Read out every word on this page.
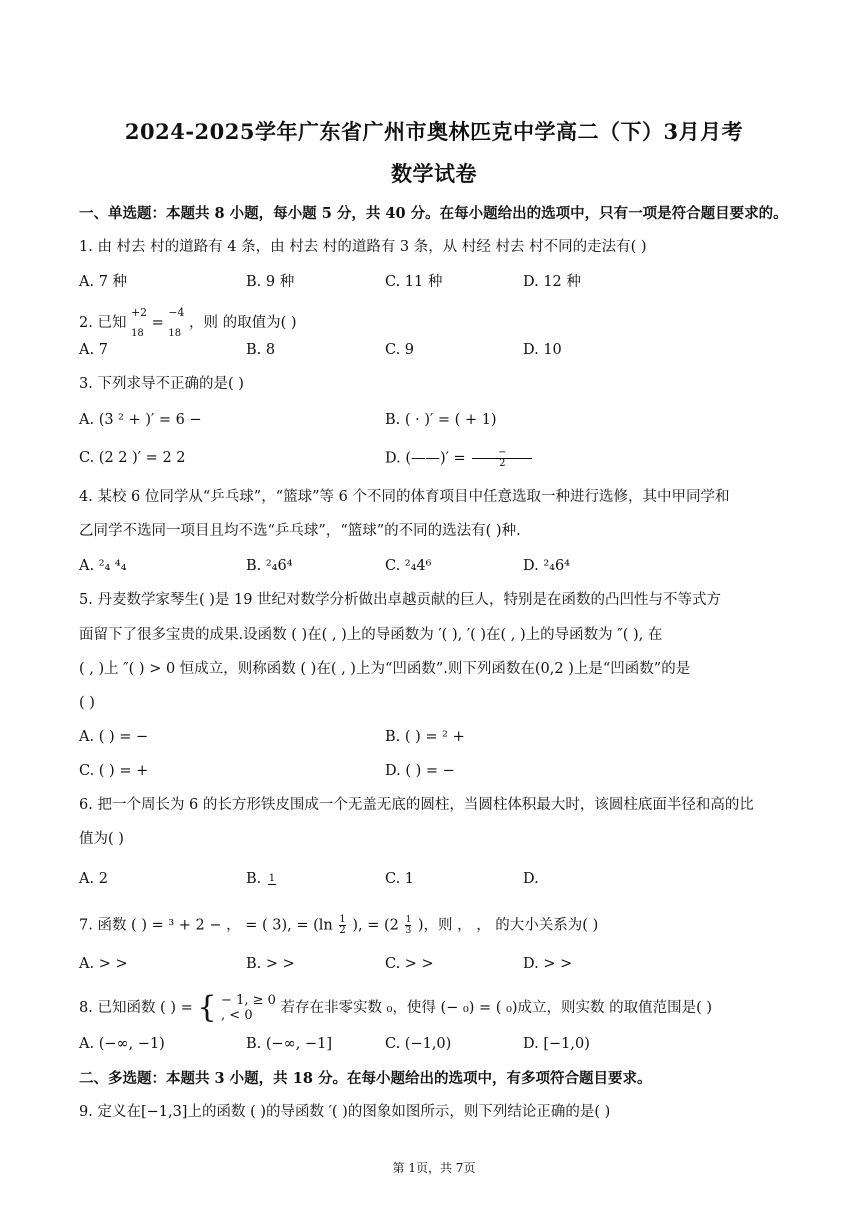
2024-2025学年广东省广州市奥林匹克中学高二（下）3月月考
数学试卷
一、单选题：本题共 8 小题，每小题 5 分，共 40 分。在每小题给出的选项中，只有一项是符合题目要求的。
1. 由 村去 村的道路有 4 条，由 村去 村的道路有 3 条，从 村经 村去 村不同的走法有( )
A. 7 种	B. 9 种	C. 11 种	D. 12 种
2. 已知 $^{+2}$
18 = $^{-4}$
18 ，则 的取值为( )
A. 7	B. 8	C. 9	D. 10
3. 下列求导不正确的是( )
A. (3 ² + )′ = 6 −	B. ( · )′ = ( + 1)
C. (2 2 )′ = 2 2	D. (——)′ = $\frac{-}{2}$
4. 某校 6 位同学从“乒乓球”，“篮球”等 6 个不同的体育项目中任意选取一种进行选修，其中甲同学和
乙同学不选同一项目且均不选“乒乓球”，“篮球”的不同的选法有( )种.
A. ²₄ ⁴₄	B. ²₄6⁴	C. ²₄4⁶	D. ²₄6⁴
5. 丹麦数学家琴生( )是 19 世纪对数学分析做出卓越贡献的巨人，特别是在函数的凸凹性与不等式方
面留下了很多宝贵的成果.设函数 ( )在( , )上的导函数为 ′( ), ′( )在( , )上的导函数为 ″( ), 在
( , )上 ″( ) > 0 恒成立，则称函数 ( )在( , )上为“凹函数”.则下列函数在(0,2 )上是“凹函数”的是
( )
A. ( ) = −	B. ( ) = ² +
C. ( ) = +	D. ( ) = −
6. 把一个周长为 6 的长方形铁皮围成一个无盖无底的圆柱，当圆柱体积最大时，该圆柱底面半径和高的比
值为( )
A. 2	B. 1	C. 1	D.
7. 函数 ( ) = ³ + 2 − ， = ( 3), = ($\ln \frac{1}{2}$ ), = ($2 \frac{1}{3}$ )，则 ， ， 的大小关系为( )
A. > >	B. > >	C. > >	D. > >
8. 已知函数 ( ) = { − 1, ≥ 0
, < 0 若存在非零实数 ₀，使得 (− ₀) = ( ₀)成立，则实数 的取值范围是( )
A. (−∞, −1)	B. (−∞, −1]	C. (−1,0)	D. [−1,0)
二、多选题：本题共 3 小题，共 18 分。在每小题给出的选项中，有多项符合题目要求。
9. 定义在[−1,3]上的函数 ( )的导函数 ′( )的图象如图所示，则下列结论正确的是( )
第 1页，共 7页
